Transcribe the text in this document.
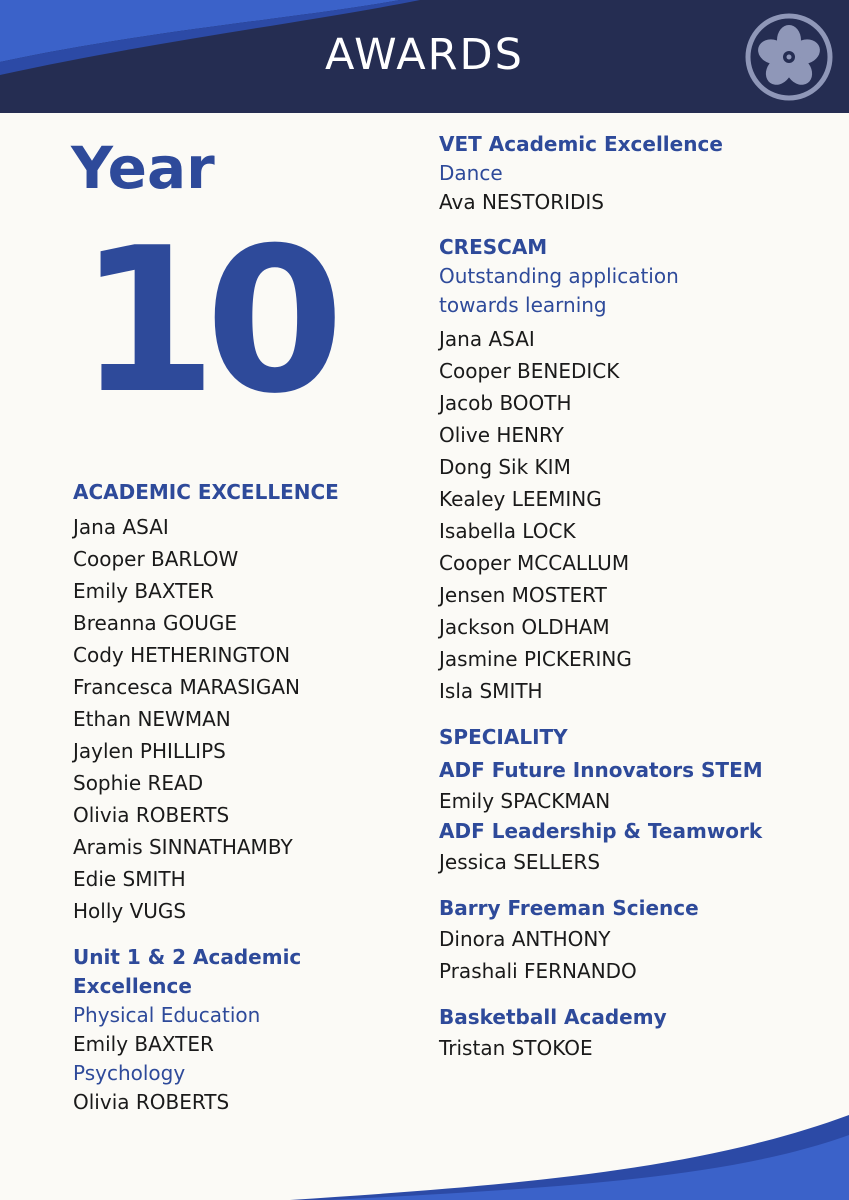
AWARDS
Year
10

ACADEMIC EXCELLENCE

Jana ASAI

Cooper BARLOW

Emily BAXTER

Breanna GOUGE

Cody HETHERINGTON

Francesca MARASIGAN

Ethan NEWMAN

Jaylen PHILLIPS

Sophie READ

Olivia ROBERTS

Aramis SINNATHAMBY

Edie SMITH

Holly VUGS

Unit 1 & 2 Academic

Excellence

Physical Education

Emily BAXTER

Psychology

Olivia ROBERTS

VET Academic Excellence

Dance

Ava NESTORIDIS

CRESCAM

Outstanding application

towards learning

Jana ASAI

Cooper BENEDICK

Jacob BOOTH

Olive HENRY

Dong Sik KIM

Kealey LEEMING

Isabella LOCK

Cooper MCCALLUM

Jensen MOSTERT

Jackson OLDHAM

Jasmine PICKERING

Isla SMITH

SPECIALITY

ADF Future Innovators STEM

Emily SPACKMAN

ADF Leadership & Teamwork

Jessica SELLERS

Barry Freeman Science

Dinora ANTHONY

Prashali FERNANDO

Basketball Academy

Tristan STOKOE
